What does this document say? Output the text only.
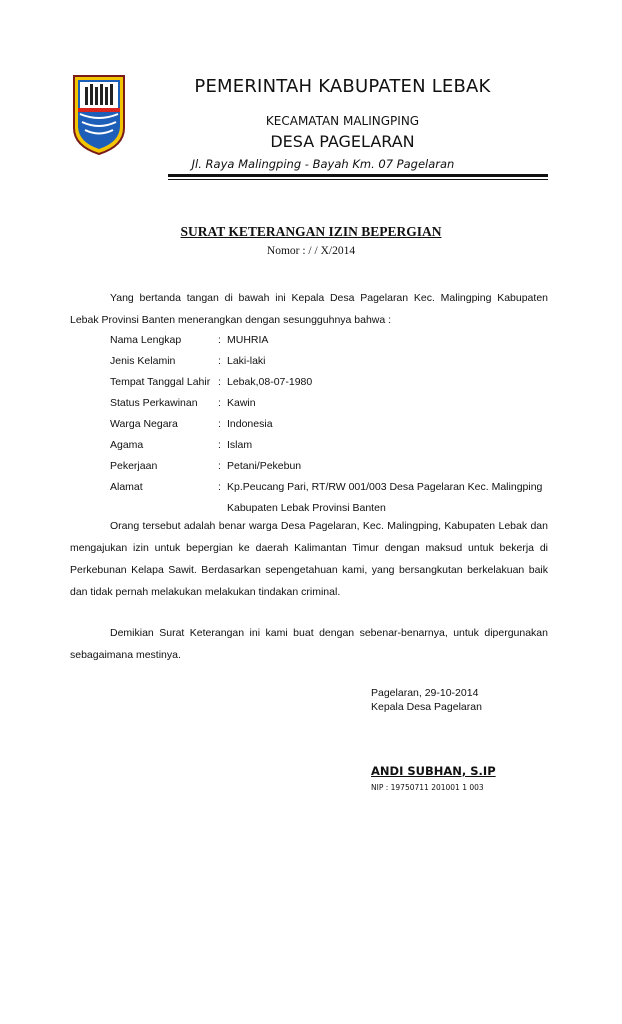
PEMERINTAH KABUPATEN LEBAK
KECAMATAN MALINGPING
DESA PAGELARAN
Jl. Raya Malingping - Bayah Km. 07 Pagelaran
SURAT KETERANGAN IZIN BEPERGIAN
Nomor : / / X/2014
Yang bertanda tangan di bawah ini Kepala Desa Pagelaran Kec. Malingping Kabupaten Lebak Provinsi Banten menerangkan dengan sesungguhnya bahwa :
Nama Lengkap	: MUHRIA
Jenis Kelamin	: Laki-laki
Tempat Tanggal Lahir : Lebak,08-07-1980
Status Perkawinan : Kawin
Warga Negara	: Indonesia
Agama	: Islam
Pekerjaan	: Petani/Pekebun
Alamat	: Kp.Peucang Pari, RT/RW 001/003 Desa Pagelaran Kec. Malingping
Kabupaten Lebak Provinsi Banten
Orang tersebut adalah benar warga Desa Pagelaran, Kec. Malingping, Kabupaten Lebak dan mengajukan izin untuk bepergian ke daerah Kalimantan Timur dengan maksud untuk bekerja di Perkebunan Kelapa Sawit. Berdasarkan sepengetahuan kami, yang bersangkutan berkelakuan baik dan tidak pernah melakukan melakukan tindakan criminal.
Demikian Surat Keterangan ini kami buat dengan sebenar-benarnya, untuk dipergunakan sebagaimana mestinya.
Pagelaran, 29-10-2014
Kepala Desa Pagelaran
ANDI SUBHAN, S.IP
NIP : 19750711 201001 1 003
